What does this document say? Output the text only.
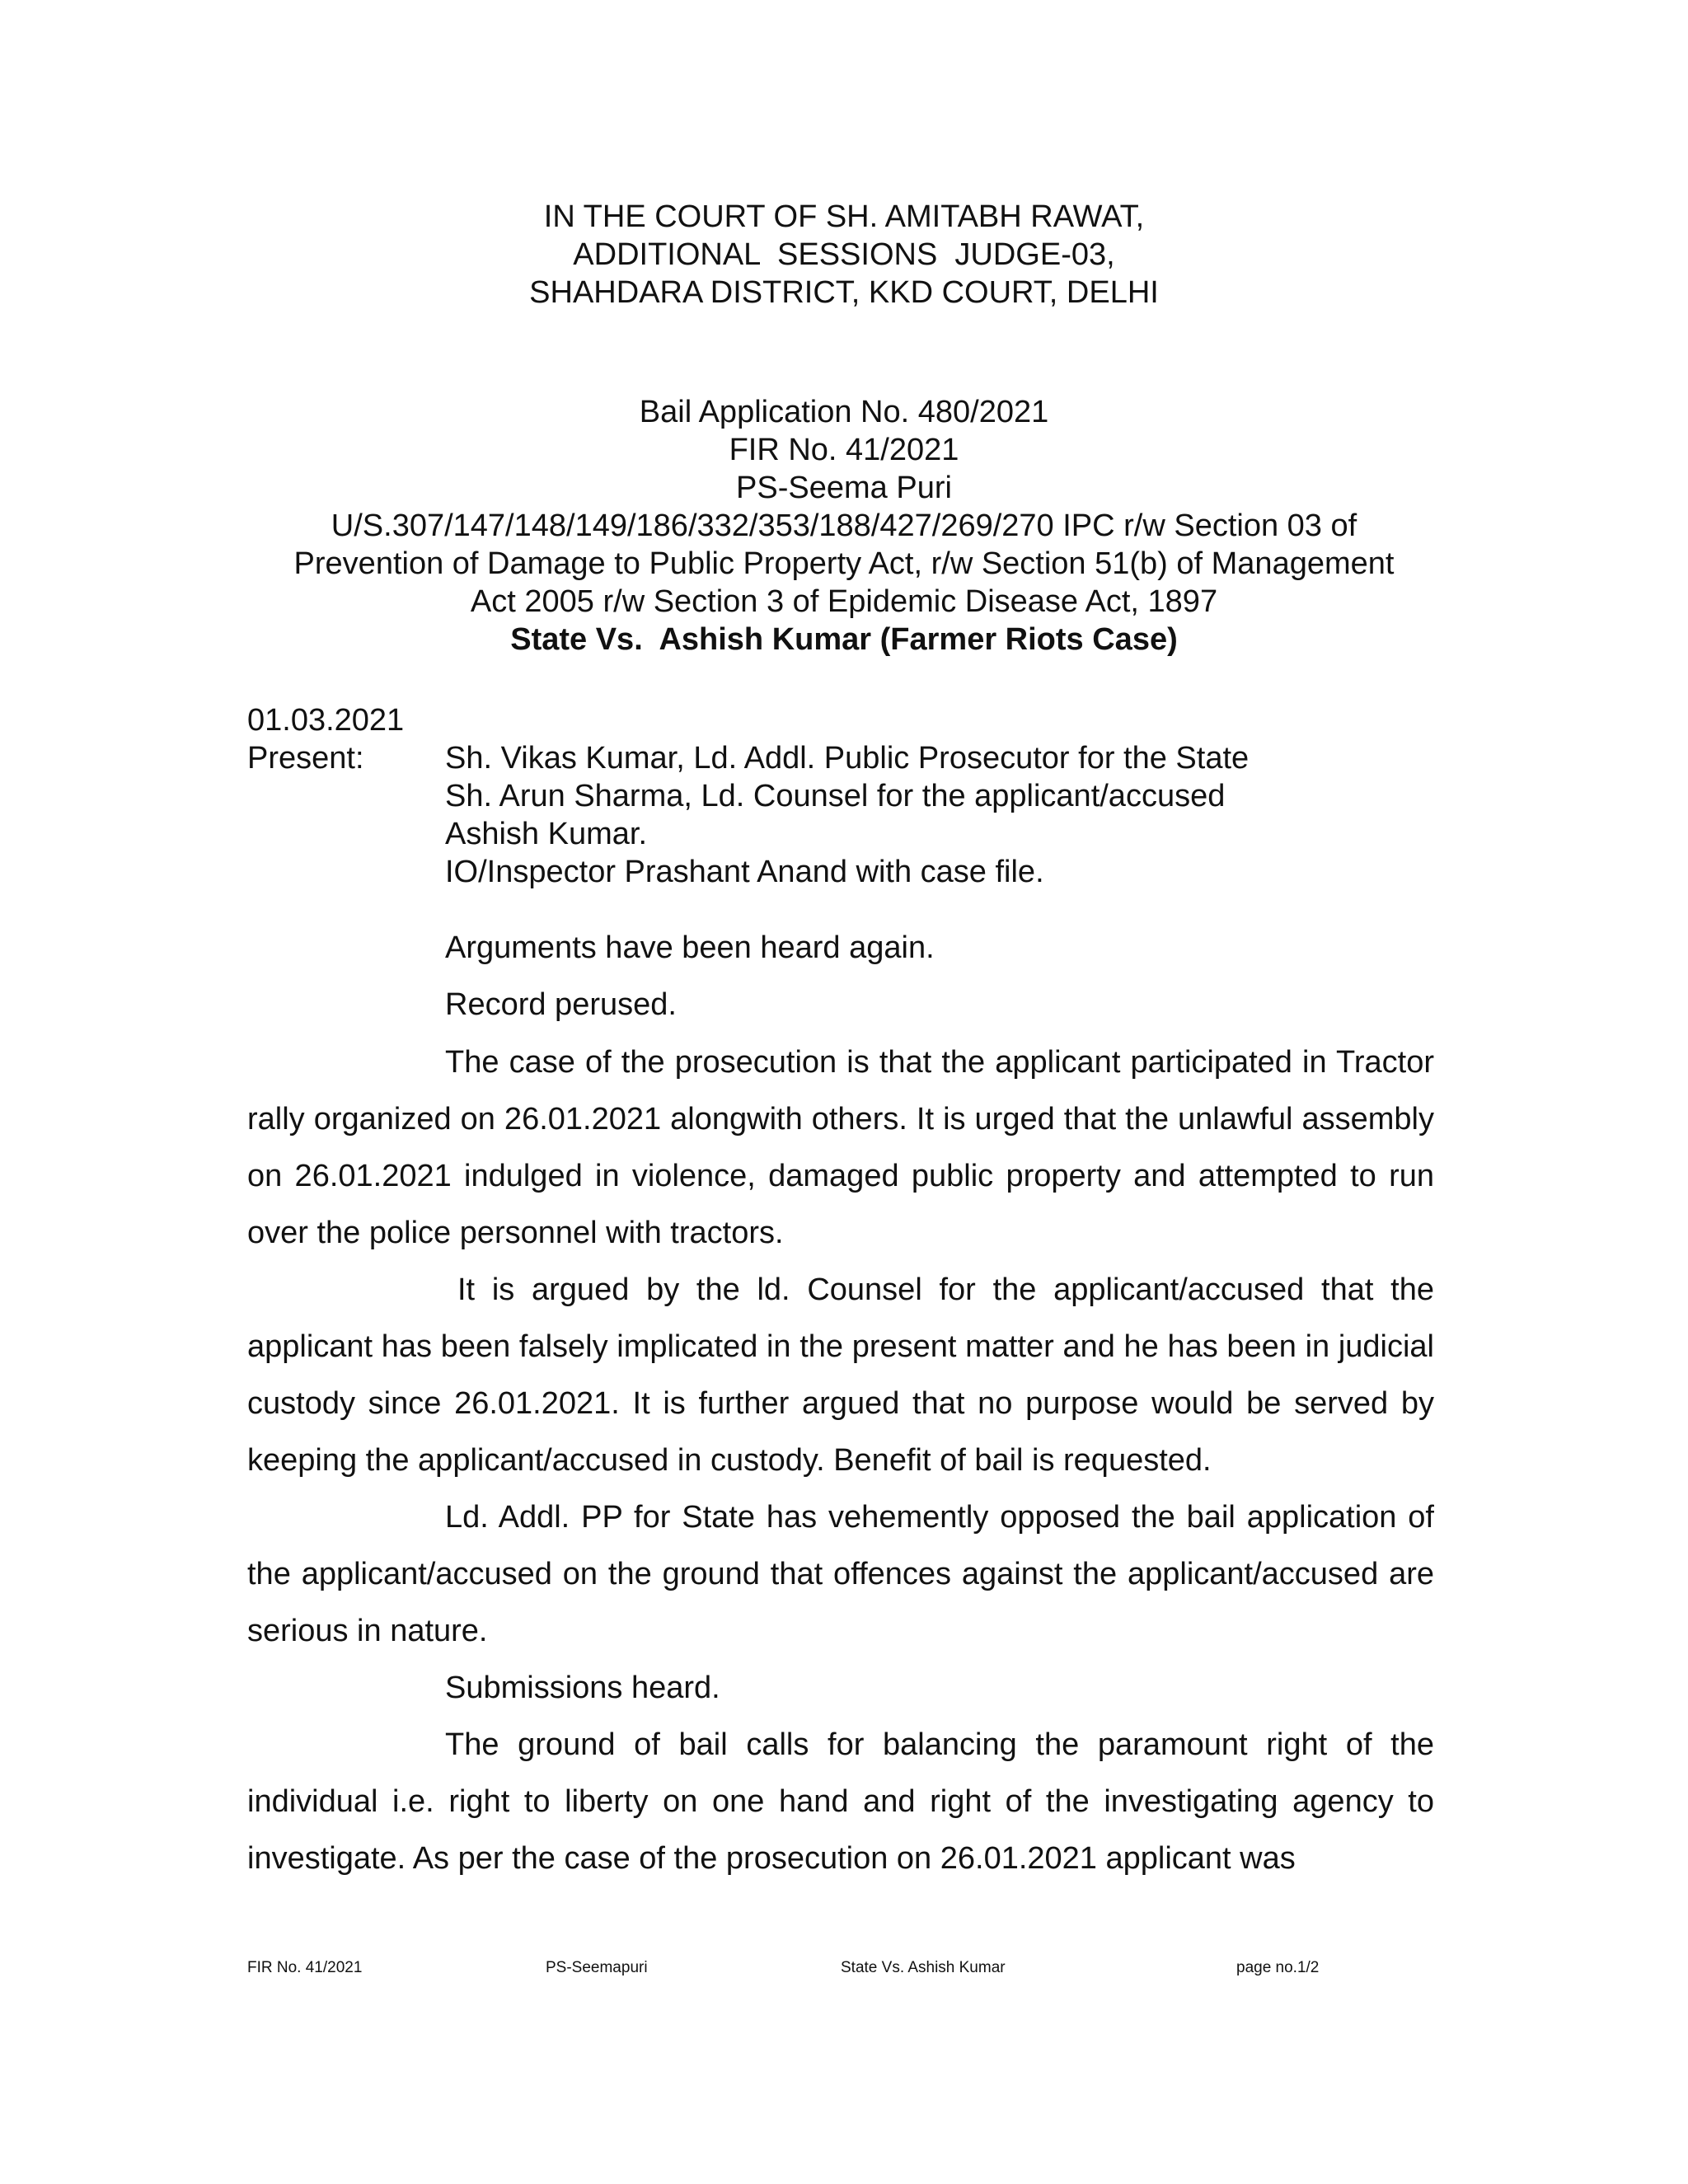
IN THE COURT OF SH. AMITABH RAWAT,
ADDITIONAL  SESSIONS  JUDGE-03,
SHAHDARA DISTRICT, KKD COURT, DELHI
Bail Application No. 480/2021
FIR No. 41/2021
PS-Seema Puri
U/S.307/147/148/149/186/332/353/188/427/269/270 IPC r/w Section 03 of
Prevention of Damage to Public Property Act, r/w Section 51(b) of Management
Act 2005 r/w Section 3 of Epidemic Disease Act, 1897
State Vs.  Ashish Kumar (Farmer Riots Case)
01.03.2021
Present:	Sh. Vikas Kumar, Ld. Addl. Public Prosecutor for the State
Sh. Arun Sharma, Ld. Counsel for the applicant/accused
Ashish Kumar.
IO/Inspector Prashant Anand with case file.
Arguments have been heard again.
Record perused.

The case of the prosecution is that the applicant participated in Tractor rally organized on 26.01.2021 alongwith others. It is urged that the unlawful assembly on 26.01.2021 indulged in violence, damaged public property and attempted to run over the police personnel with tractors.

It is argued by the ld. Counsel for the applicant/accused that the applicant has been falsely implicated in the present matter and he has been in judicial custody since 26.01.2021. It is further argued that no purpose would be served by keeping the applicant/accused in custody. Benefit of bail is requested.

Ld. Addl. PP for State has vehemently opposed the bail application of the applicant/accused on the ground that offences against the applicant/accused are serious in nature.

Submissions heard.

The ground of bail calls for balancing the paramount right of the individual i.e. right to liberty on one hand and right of the investigating agency to investigate. As per the case of the prosecution on 26.01.2021 applicant was

FIR No. 41/2021	PS-Seemapuri	State Vs. Ashish Kumar	page no.1/2
